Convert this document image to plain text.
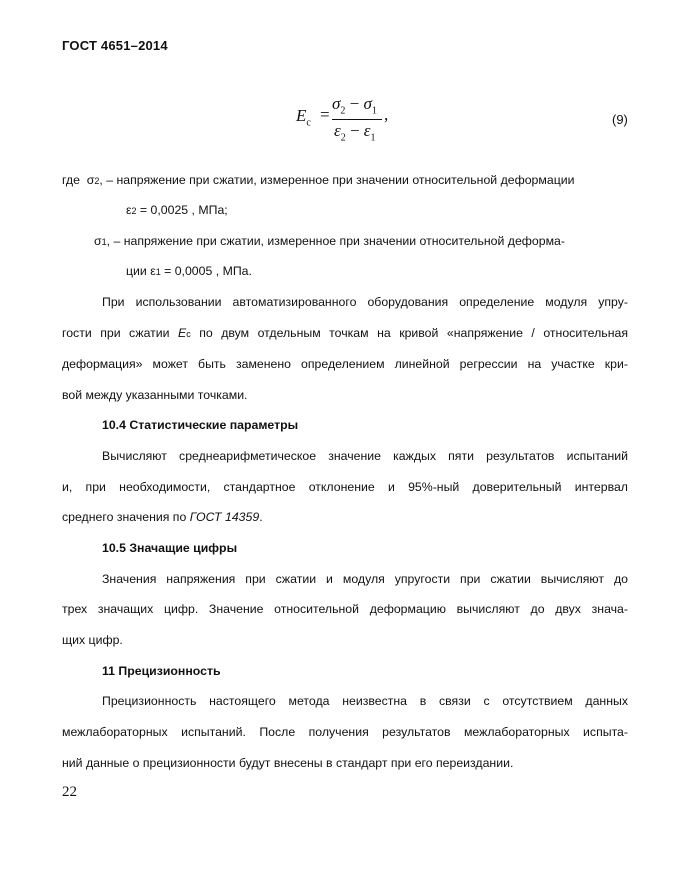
ГОСТ 4651–2014
$E_c$ =
$\sigma_2 - \sigma_1$
$\varepsilon_2 - \varepsilon_1$
,	(9)
где σ2, – напряжение при сжатии, измеренное при значении относительной деформации
ε2 = 0,0025 , МПа;
σ1, – напряжение при сжатии, измеренное при значении относительной деформа-
ции ε1 = 0,0005 , МПа.
При использовании автоматизированного оборудования определение модуля упру-
гости при сжатии Ec по двум отдельным точкам на кривой «напряжение / относительная
деформация» может быть заменено определением линейной регрессии на участке кри-
вой между указанными точками.
10.4 Статистические параметры
Вычисляют среднеарифметическое значение каждых пяти результатов испытаний
и, при необходимости, стандартное отклонение и 95%-ный доверительный интервал
среднего значения по ГОСТ 14359.
10.5 Значащие цифры
Значения напряжения при сжатии и модуля упругости при сжатии вычисляют до
трех значащих цифр. Значение относительной деформацию вычисляют до двух знача-
щих цифр.
11 Прецизионность
Прецизионность настоящего метода неизвестна в связи с отсутствием данных
межлабораторных испытаний. После получения результатов межлабораторных испыта-
ний данные о прецизионности будут внесены в стандарт при его переиздании.
22
